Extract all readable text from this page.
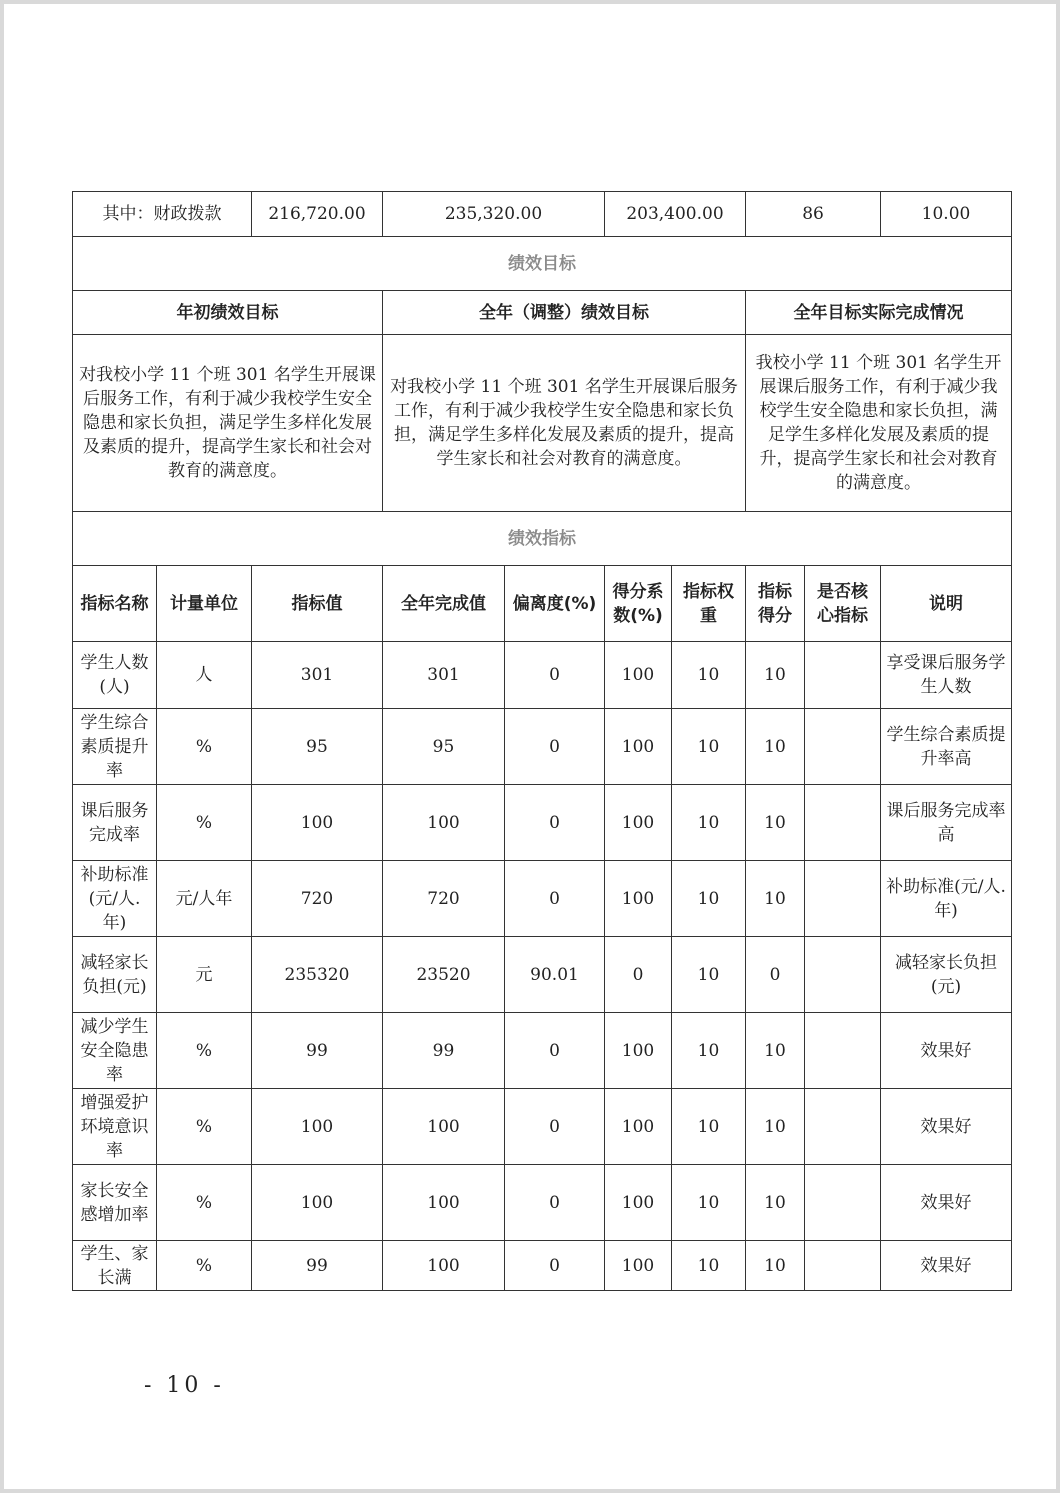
其中：财政拨款		216,720.00	235,320.00		203,400.00		86		10.00
绩效目标									
年初绩效目标			全年（调整）绩效目标				全年目标实际完成情况		
对我校小学 11 个班 301 名学生开展课后服务工作，有利于减少我校学生安全隐患和家长负担，满足学生多样化发展及素质的提升，提高学生家长和社会对教育的满意度。			对我校小学 11 个班 301 名学生开展课后服务工作，有利于减少我校学生安全隐患和家长负担，满足学生多样化发展及素质的提升，提高学生家长和社会对教育的满意度。				我校小学 11 个班 301 名学生开展课后服务工作，有利于减少我校学生安全隐患和家长负担，满足学生多样化发展及素质的提升，提高学生家长和社会对教育的满意度。		
绩效指标									
指标名称	计量单位	指标值	全年完成值	偏离度(%)	得分系数(%)	指标权重	指标得分	是否核心指标	说明
学生人数(人)	人	301	301	0	100	10	10		享受课后服务学生人数
学生综合素质提升率	%	95	95	0	100	10	10		学生综合素质提升率高
课后服务完成率	%	100	100	0	100	10	10		课后服务完成率高
补助标准(元/人.年)	元/人年	720	720	0	100	10	10		补助标准(元/人.年)
减轻家长负担(元)	元	235320	23520	90.01	0	10	0		减轻家长负担(元)
减少学生安全隐患率	%	99	99	0	100	10	10		效果好
增强爱护环境意识率	%	100	100	0	100	10	10		效果好
家长安全感增加率	%	100	100	0	100	10	10		效果好
学生、家长满	%	99	100	0	100	10	10		效果好
- 10 -
